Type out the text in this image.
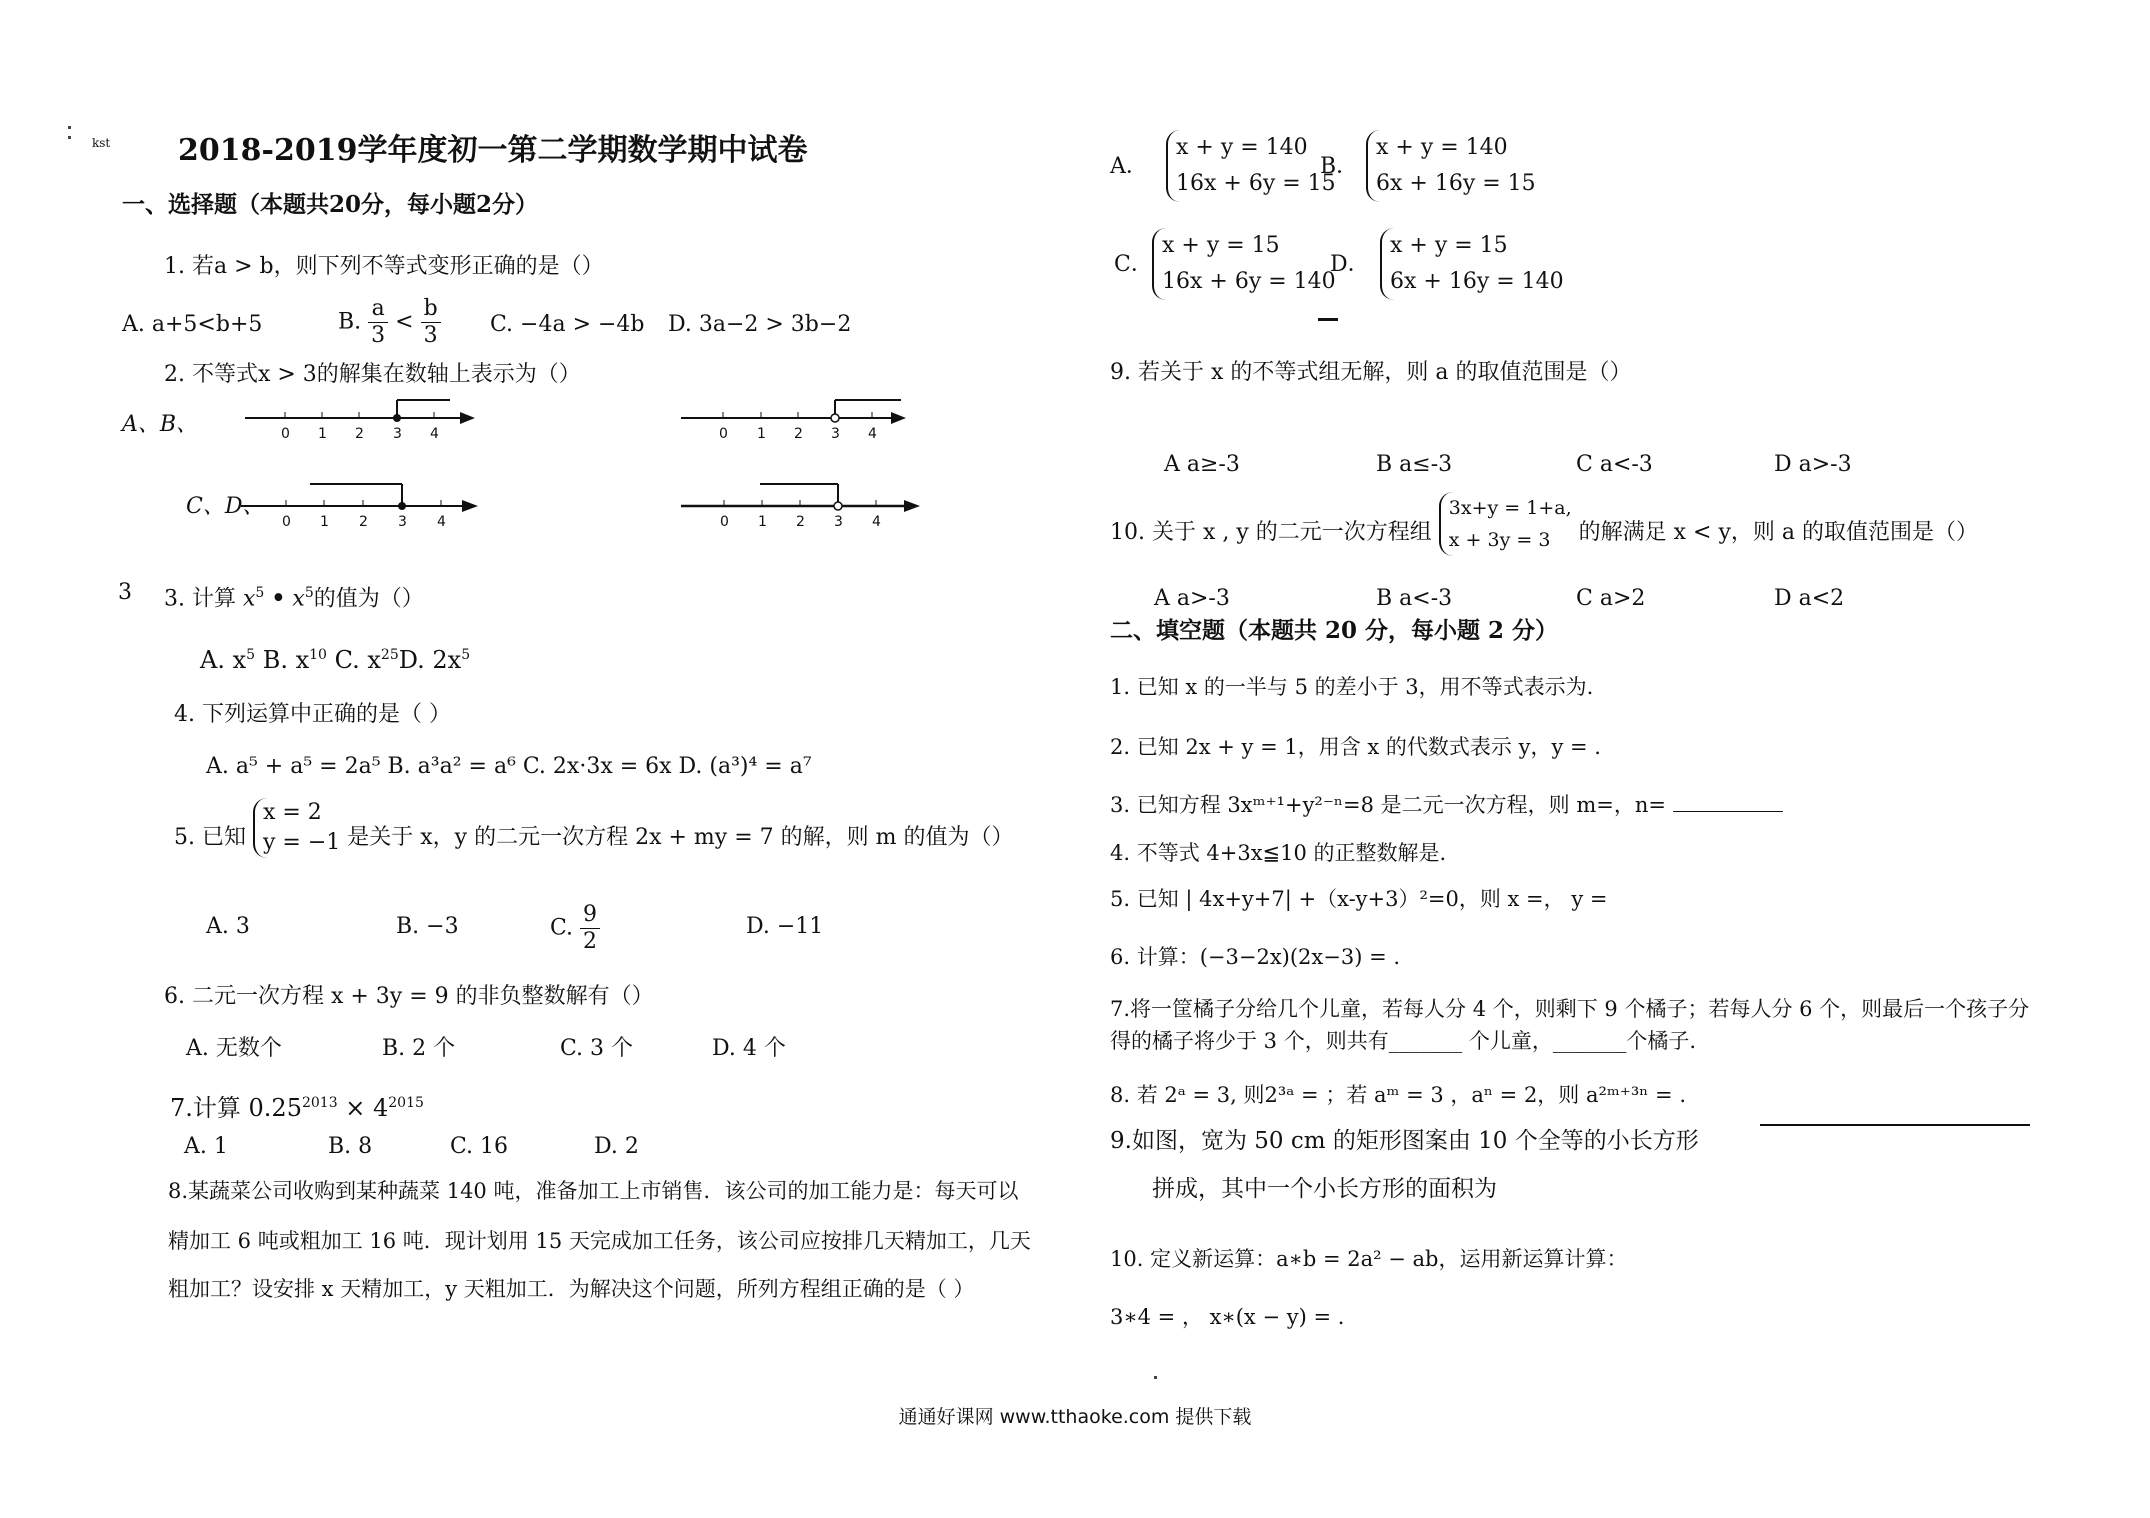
kst 2018-2019学年度初一第二学期数学期中试卷
一、选择题（本题共20分，每小题2分）
1. 若a > b，则下列不等式变形正确的是（）
A. a+5<b+5	B. $\frac{a}{3} < \frac{b}{3} C$. −4a > −4b D. 3a−2 > 3b−2
2. 不等式x > 3的解集在数轴上表示为（）
A、B、	0 1 2 3 4	0 1 2 3 4
C、D、
0 1 2 3 4	0 1 2 3 4
3 3. 计算 $x^5$ • $x^5$的值为（）
A. $x^5$ B. $x^{10}$ C. $x^{25}D$. $2x^5$
4. 下列运算中正确的是（ ）
A. a⁵ + a⁵ = 2a⁵ B. a³a² = a⁶ C. 2x·3x = 6x D. (a³)⁴ = a⁷
5. 已知
x = 2
y = −1 是关于 x，y 的二元一次方程 2x + my = 7 的解，则 m 的值为（）
A. 3	B. −3	C. $\frac{9}{2}$	D. −11
6. 二元一次方程 x + 3y = 9 的非负整数解有（）
A. 无数个	B. 2 个	C. 3 个	D. 4 个
7.计算 $0.25^{2013} \times 4^{2015}$
A. 1	B. 8	C. 16	D. 2
8.某蔬菜公司收购到某种蔬菜 140 吨，准备加工上市销售．该公司的加工能力是：每天可以
精加工 6 吨或粗加工 16 吨．现计划用 15 天完成加工任务，该公司应按排几天精加工，几天
粗加工？设安排 x 天精加工，y 天粗加工．为解决这个问题，所列方程组正确的是（ ）
A．
x + y = 140
16x + 6y = 15
B．
x + y = 140
6x + 16y = 15
C．
x + y = 15
16x + 6y = 140
D．
x + y = 15
6x + 16y = 140
9. 若关于 x 的不等式组无解，则 a 的取值范围是（）
A a≥-3	B a≤-3	C a<-3	D a>-3
10. 关于 x , y 的二元一次方程组
3x+y = 1+a,
x + 3y = 3	的解满足 x < y，则 a 的取值范围是（）
A a>-3	B a<-3	C a>2	D a<2
二、填空题（本题共 20 分，每小题 2 分）
1. 已知 x 的一半与 5 的差小于 3，用不等式表示为.
2. 已知 2x + y = 1，用含 x 的代数式表示 y，y = .
3. 已知方程 3xᵐ⁺¹+y²⁻ⁿ=8 是二元一次方程，则 m=，n=
4. 不等式 4+3x≦10 的正整数解是.
5. 已知 | 4x+y+7| +（x-y+3）²=0，则 x =， y =
6. 计算：(−3−2x)(2x−3) = .
7.将一筐橘子分给几个儿童，若每人分 4 个，则剩下 9 个橘子；若每人分 6 个，则最后一个孩子分
得的橘子将少于 3 个，则共有_______ 个儿童，_______个橘子.
8. 若 2ᵃ = 3, 则2³ᵃ = ；若 aᵐ = 3 ，aⁿ = 2，则 a²ᵐ⁺³ⁿ = .
9.如图，宽为 50 cm 的矩形图案由 10 个全等的小长方形
拼成，其中一个小长方形的面积为
10. 定义新运算：a∗b = 2a² − ab，运用新运算计算：
3∗4 = ， x∗(x − y) = .
通通好课网 www.tthaoke.com 提供下载
